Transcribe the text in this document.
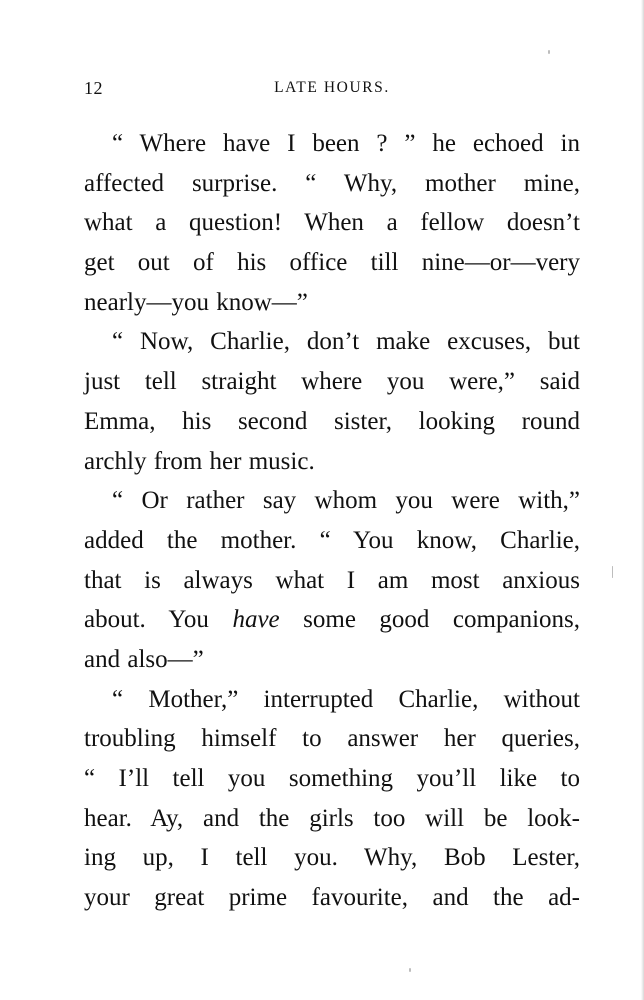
12	LATE HOURS.
“ Where have I been ? ” he echoed in
affected surprise. “ Why, mother mine,
what a question! When a fellow doesn’t
get out of his office till nine—or—very
nearly—you know—”
“ Now, Charlie, don’t make excuses, but
just tell straight where you were,” said
Emma, his second sister, looking round
archly from her music.
“ Or rather say whom you were with,”
added the mother. “ You know, Charlie,
that is always what I am most anxious
about. You have some good companions,
and also—”
“ Mother,” interrupted Charlie, without
troubling himself to answer her queries,
“ I’ll tell you something you’ll like to
hear. Ay, and the girls too will be look-
ing up, I tell you. Why, Bob Lester,
your great prime favourite, and the ad-
